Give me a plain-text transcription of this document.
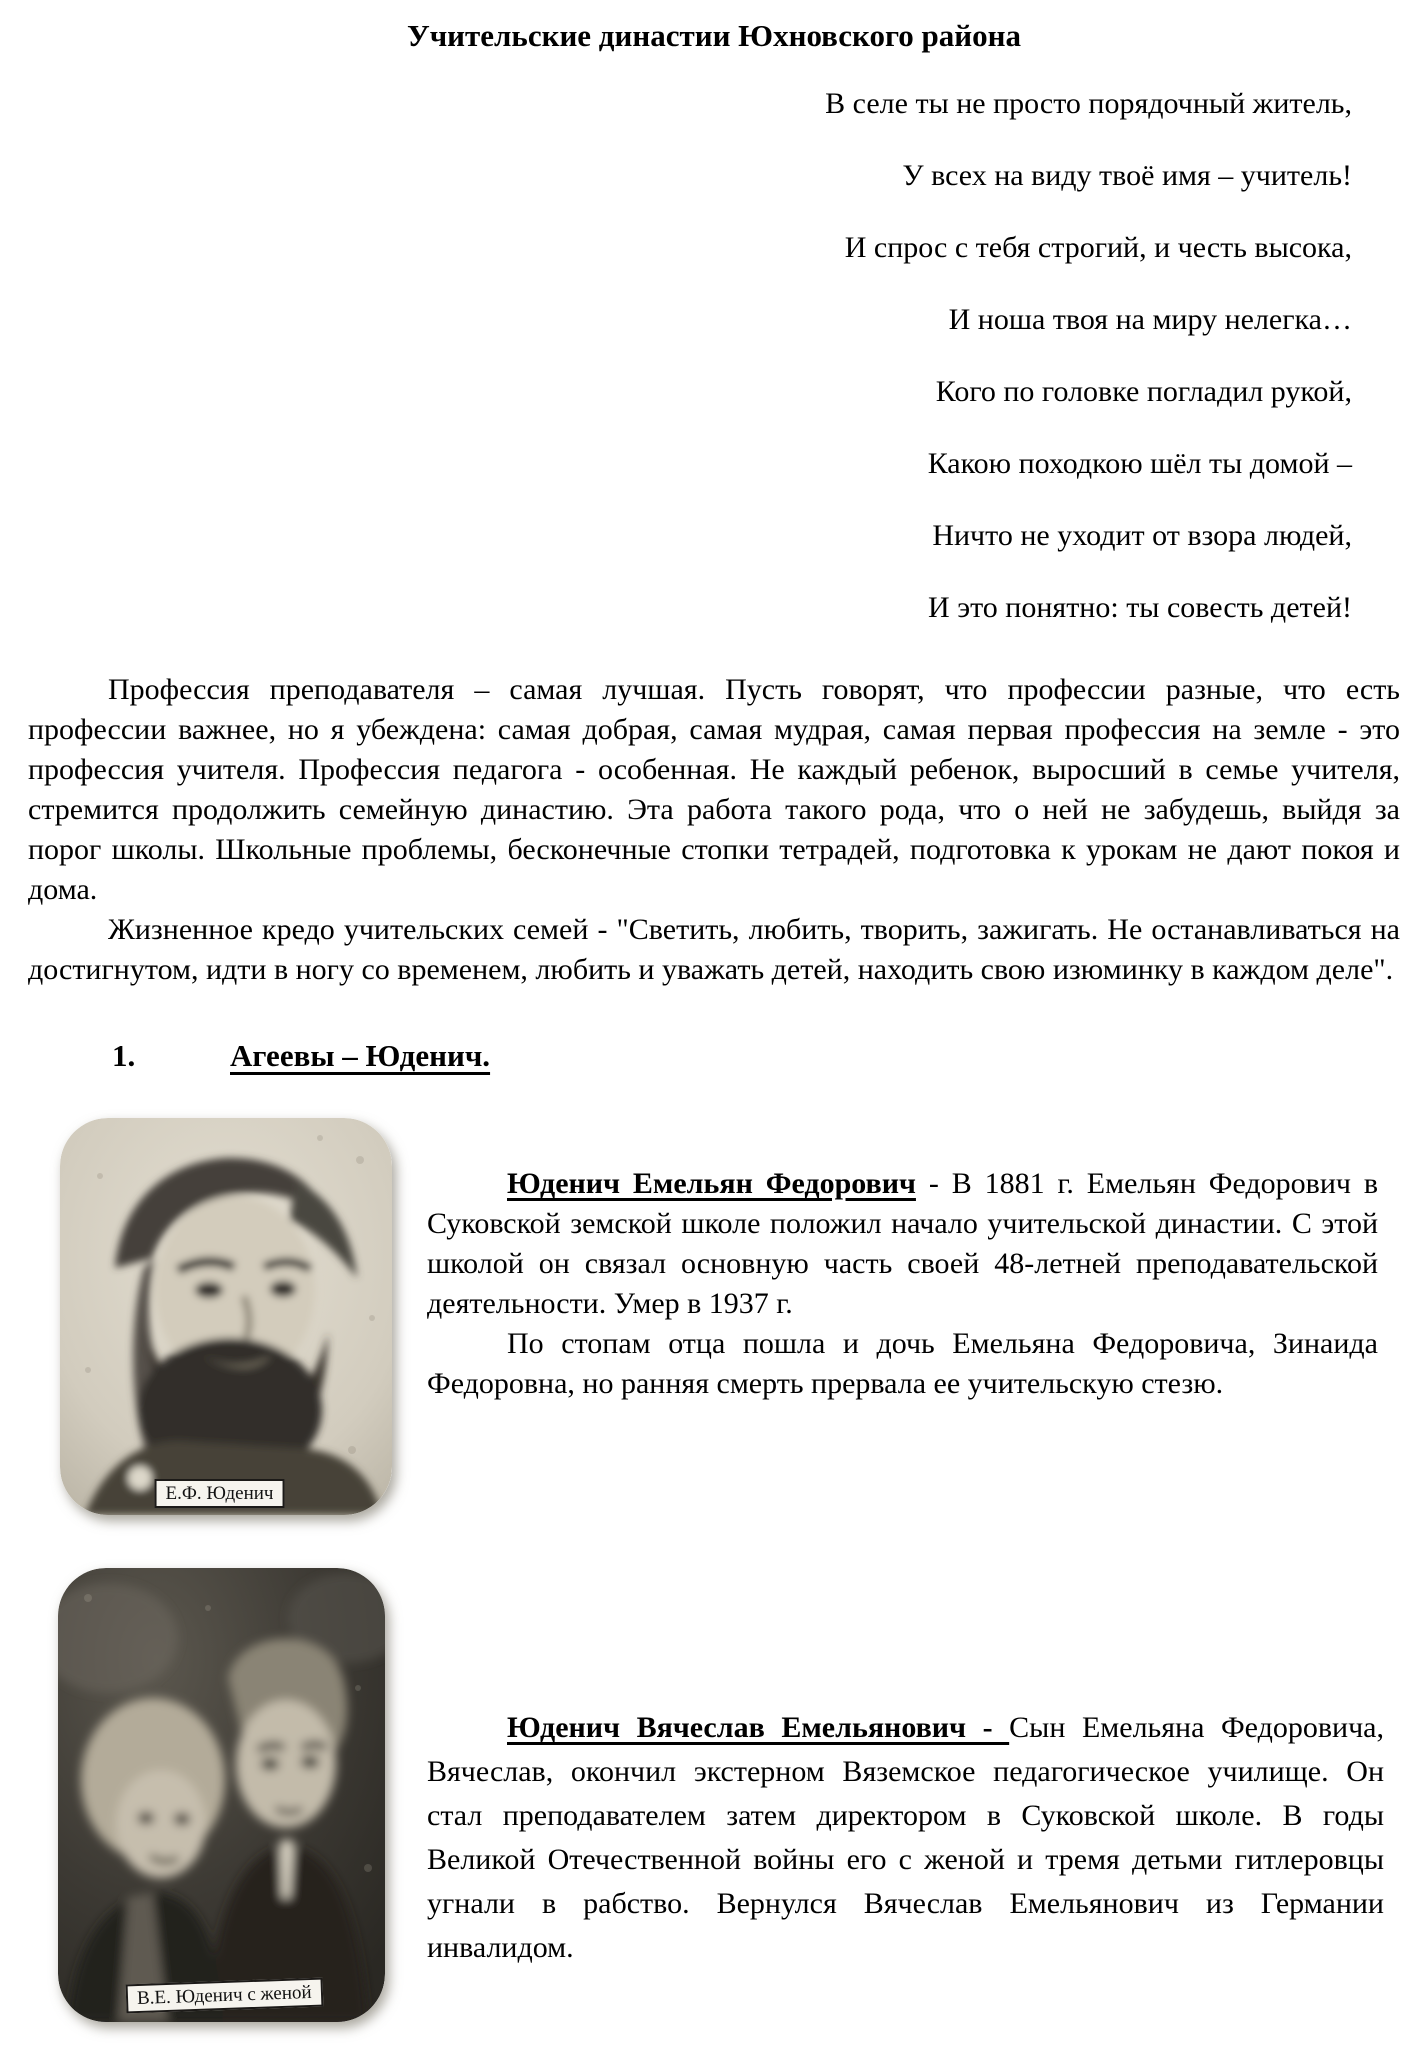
Учительские династии Юхновского района
В селе ты не просто порядочный житель,
У всех на виду твоё имя – учитель!
И спрос с тебя строгий, и честь высока,
И ноша твоя на миру нелегка…
Кого по головке погладил рукой,
Какою походкою шёл ты домой –
Ничто не уходит от взора людей,
И это понятно: ты совесть детей!

Профессия преподавателя – самая лучшая. Пусть говорят, что профессии разные, что есть профессии важнее, но я убеждена: самая добрая, самая мудрая, самая первая профессия на земле - это профессия учителя. Профессия педагога - особенная. Не каждый ребенок, выросший в семье учителя, стремится продолжить семейную династию. Эта работа такого рода, что о ней не забудешь, выйдя за порог школы. Школьные проблемы, бесконечные стопки тетрадей, подготовка к урокам не дают покоя и дома.

Жизненное кредо учительских семей - "Светить, любить, творить, зажигать. Не останавливаться на достигнутом, идти в ногу со временем, любить и уважать детей, находить свою изюминку в каждом деле".

1.	Агеевы – Юденич.
Е.Ф. Юденич

Юденич Емельян Федорович - В 1881 г. Емельян Федорович в Суковской земской школе положил начало учительской династии. С этой школой он связал основную часть своей 48-летней преподавательской деятельности. Умер в 1937 г.

По стопам отца пошла и дочь Емельяна Федоровича, Зинаида Федоровна, но ранняя смерть прервала ее учительскую стезю.

В.Е. Юденич с женой

Юденич Вячеслав Емельянович - Сын Емельяна Федоровича, Вячеслав, окончил экстерном Вяземское педагогическое училище. Он стал преподавателем затем директором в Суковской школе. В годы Великой Отечественной войны его с женой и тремя детьми гитлеровцы угнали в рабство. Вернулся Вячеслав Емельянович из Германии инвалидом.
